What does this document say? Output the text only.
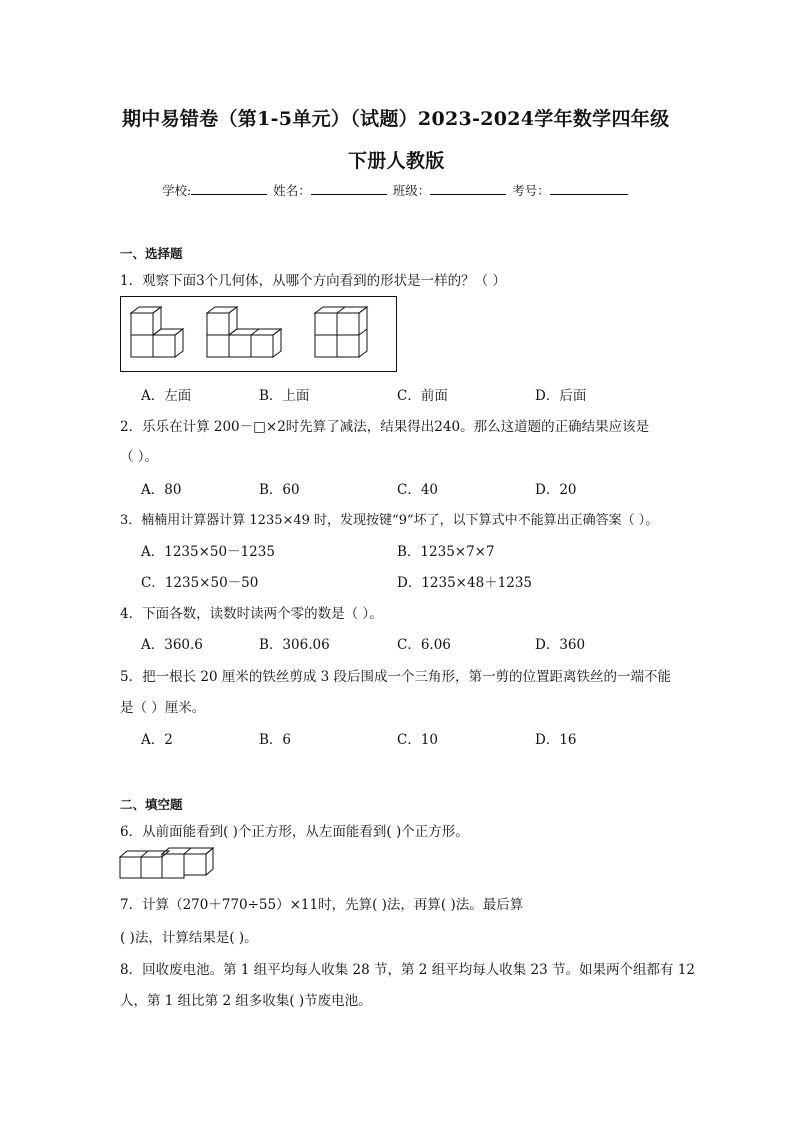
期中易错卷（第1-5单元）（试题）2023-2024学年数学四年级
下册人教版
学校:	姓名：	班级：	考号：
一、选择题
1．观察下面3个几何体，从哪个方向看到的形状是一样的？（ ）
A．左面	B．上面	C．前面	D．后面
2．乐乐在计算 200－□×2时先算了减法，结果得出240。那么这道题的正确结果应该是
（ ）。
A．80	B．60	C．40	D．20
3．楠楠用计算器计算 1235×49 时，发现按键“9”坏了，以下算式中不能算出正确答案（ ）。
A．1235×50－1235	B．1235×7×7
C．1235×50－50	D．1235×48＋1235
4．下面各数，读数时读两个零的数是（ ）。
A．360.6	B．306.06	C．6.06	D．360
5．把一根长 20 厘米的铁丝剪成 3 段后围成一个三角形，第一剪的位置距离铁丝的一端不能
是（ ）厘米。
A．2	B．6	C．10	D．16
二、填空题
6．从前面能看到( )个正方形，从左面能看到( )个正方形。
7．计算（270＋770÷55）×11时，先算( )法，再算( )法。最后算
( )法，计算结果是( )。
8．回收废电池。第 1 组平均每人收集 28 节，第 2 组平均每人收集 23 节。如果两个组都有 12
人，第 1 组比第 2 组多收集( )节废电池。
